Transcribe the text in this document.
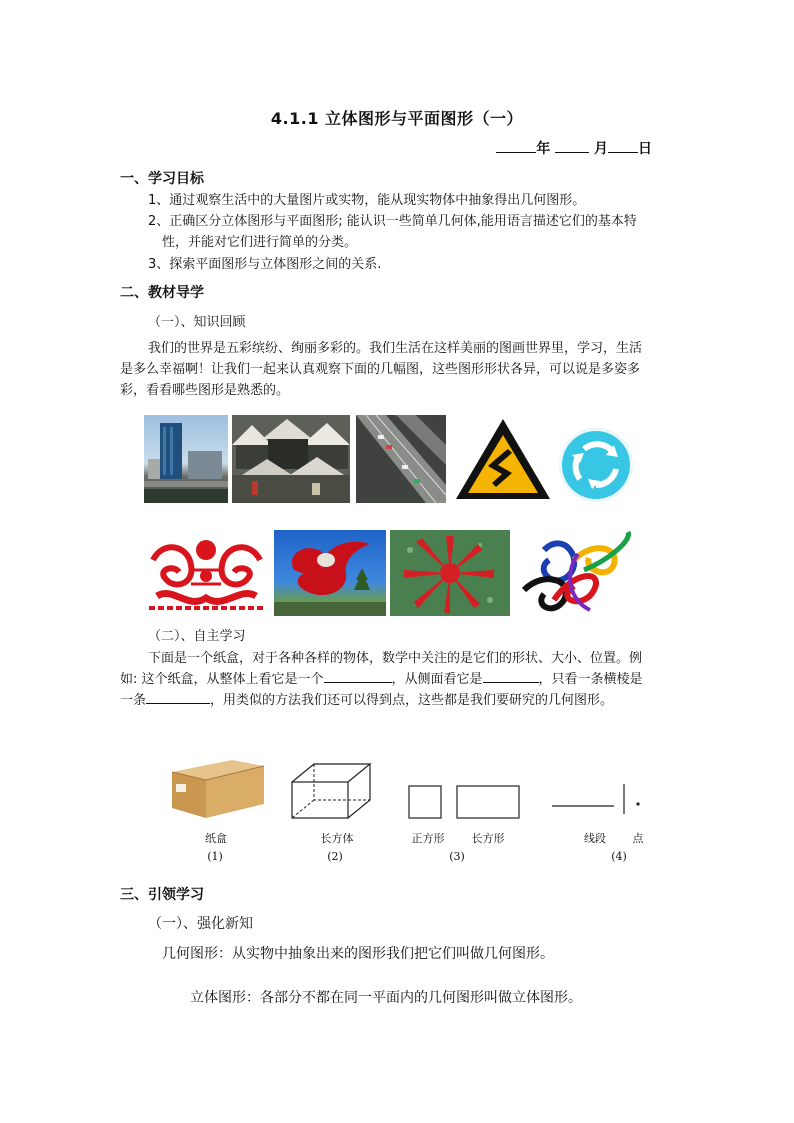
4.1.1 立体图形与平面图形（一）
年	月 日
一、学习目标
1、通过观察生活中的大量图片或实物，能从现实物体中抽象得出几何图形。
2、正确区分立体图形与平面图形; 能认识一些简单几何体,能用语言描述它们的基本特
性，并能对它们进行简单的分类。
3、探索平面图形与立体图形之间的关系.
二、教材导学
（一）、知识回顾
我们的世界是五彩缤纷、绚丽多彩的。我们生活在这样美丽的图画世界里，学习，生活
是多么幸福啊！让我们一起来认真观察下面的几幅图，这些图形形状各异，可以说是多姿多
彩，看看哪些图形是熟悉的。
（二）、自主学习
下面是一个纸盒，对于各种各样的物体，数学中关注的是它们的形状、大小、位置。例
如: 这个纸盒，从整体上看它是一个	，从侧面看它是	，只看一条横棱是
一条	，用类似的方法我们还可以得到点，这些都是我们要研究的几何图形。
纸盒	长方体	正方形	长方形	线段	点
(1)	(2)	(3)	(4)
三、引领学习
（一）、强化新知
几何图形：从实物中抽象出来的图形我们把它们叫做几何图形。
立体图形：各部分不都在同一平面内的几何图形叫做立体图形。
